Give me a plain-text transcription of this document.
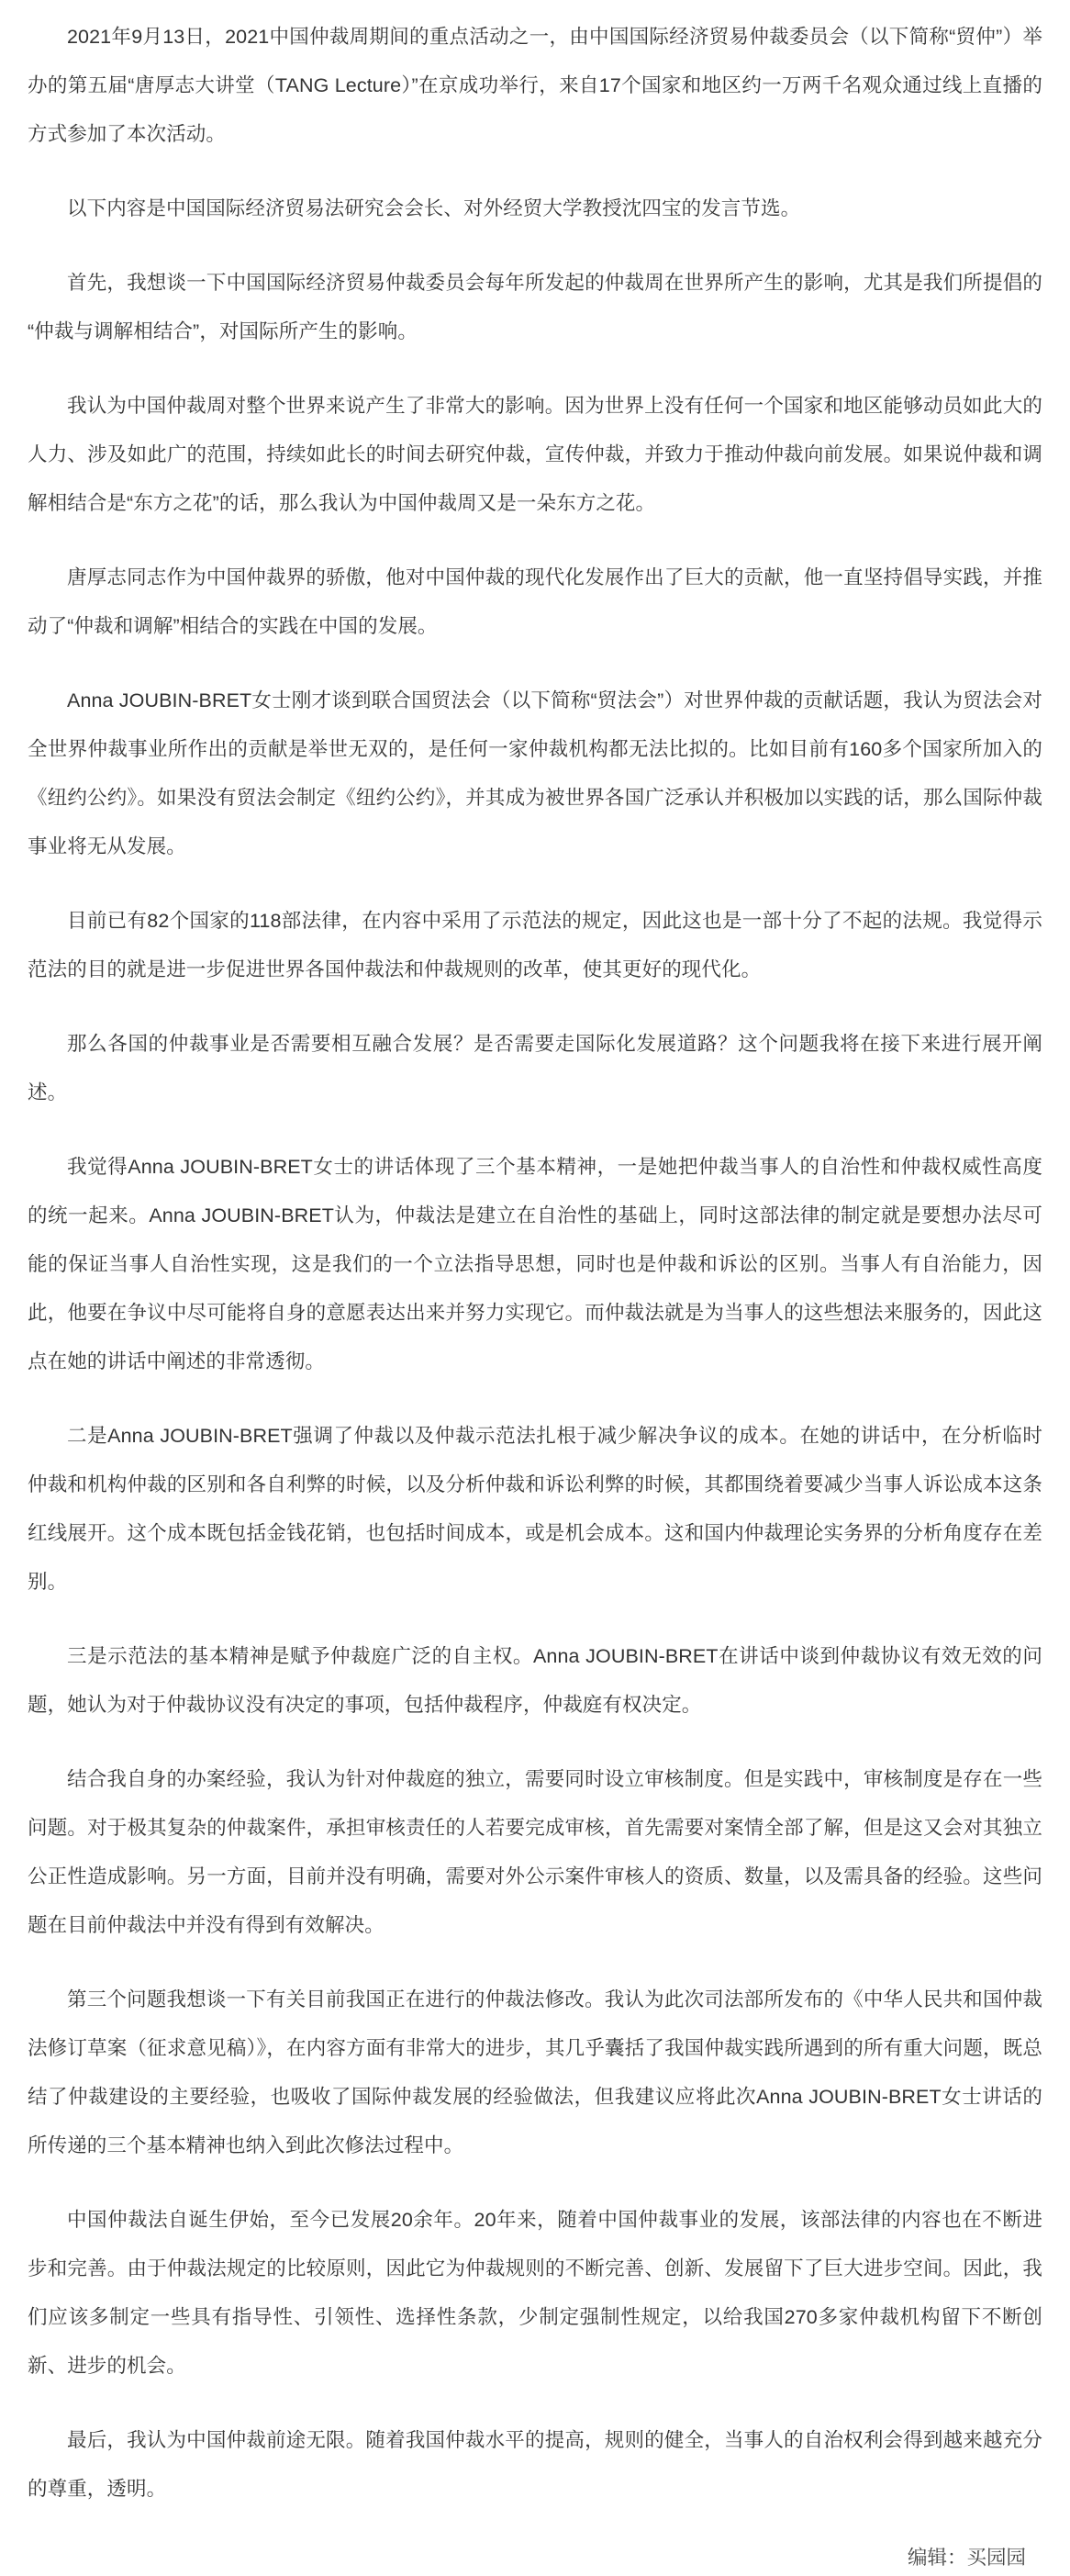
2021年9月13日，2021中国仲裁周期间的重点活动之一，由中国国际经济贸易仲裁委员会（以下简称“贸仲”）举办的第五届“唐厚志大讲堂（TANG Lecture）”在京成功举行，来自17个国家和地区约一万两千名观众通过线上直播的方式参加了本次活动。

以下内容是中国国际经济贸易法研究会会长、对外经贸大学教授沈四宝的发言节选。

首先，我想谈一下中国国际经济贸易仲裁委员会每年所发起的仲裁周在世界所产生的影响，尤其是我们所提倡的“仲裁与调解相结合”，对国际所产生的影响。

我认为中国仲裁周对整个世界来说产生了非常大的影响。因为世界上没有任何一个国家和地区能够动员如此大的人力、涉及如此广的范围，持续如此长的时间去研究仲裁，宣传仲裁，并致力于推动仲裁向前发展。如果说仲裁和调解相结合是“东方之花”的话，那么我认为中国仲裁周又是一朵东方之花。

唐厚志同志作为中国仲裁界的骄傲，他对中国仲裁的现代化发展作出了巨大的贡献，他一直坚持倡导实践，并推动了“仲裁和调解”相结合的实践在中国的发展。

Anna JOUBIN-BRET女士刚才谈到联合国贸法会（以下简称“贸法会”）对世界仲裁的贡献话题，我认为贸法会对全世界仲裁事业所作出的贡献是举世无双的，是任何一家仲裁机构都无法比拟的。比如目前有160多个国家所加入的《纽约公约》。如果没有贸法会制定《纽约公约》，并其成为被世界各国广泛承认并积极加以实践的话，那么国际仲裁事业将无从发展。

目前已有82个国家的118部法律，在内容中采用了示范法的规定，因此这也是一部十分了不起的法规。我觉得示范法的目的就是进一步促进世界各国仲裁法和仲裁规则的改革，使其更好的现代化。

那么各国的仲裁事业是否需要相互融合发展？是否需要走国际化发展道路？这个问题我将在接下来进行展开阐述。

我觉得Anna JOUBIN-BRET女士的讲话体现了三个基本精神，一是她把仲裁当事人的自治性和仲裁权威性高度的统一起来。Anna JOUBIN-BRET认为，仲裁法是建立在自治性的基础上，同时这部法律的制定就是要想办法尽可能的保证当事人自治性实现，这是我们的一个立法指导思想，同时也是仲裁和诉讼的区别。当事人有自治能力，因此，他要在争议中尽可能将自身的意愿表达出来并努力实现它。而仲裁法就是为当事人的这些想法来服务的，因此这点在她的讲话中阐述的非常透彻。

二是Anna JOUBIN-BRET强调了仲裁以及仲裁示范法扎根于减少解决争议的成本。在她的讲话中，在分析临时仲裁和机构仲裁的区别和各自利弊的时候，以及分析仲裁和诉讼利弊的时候，其都围绕着要减少当事人诉讼成本这条红线展开。这个成本既包括金钱花销，也包括时间成本，或是机会成本。这和国内仲裁理论实务界的分析角度存在差别。

三是示范法的基本精神是赋予仲裁庭广泛的自主权。Anna JOUBIN-BRET在讲话中谈到仲裁协议有效无效的问题，她认为对于仲裁协议没有决定的事项，包括仲裁程序，仲裁庭有权决定。

结合我自身的办案经验，我认为针对仲裁庭的独立，需要同时设立审核制度。但是实践中，审核制度是存在一些问题。对于极其复杂的仲裁案件，承担审核责任的人若要完成审核，首先需要对案情全部了解，但是这又会对其独立公正性造成影响。另一方面，目前并没有明确，需要对外公示案件审核人的资质、数量，以及需具备的经验。这些问题在目前仲裁法中并没有得到有效解决。

第三个问题我想谈一下有关目前我国正在进行的仲裁法修改。我认为此次司法部所发布的《中华人民共和国仲裁法修订草案（征求意见稿）》，在内容方面有非常大的进步，其几乎囊括了我国仲裁实践所遇到的所有重大问题，既总结了仲裁建设的主要经验，也吸收了国际仲裁发展的经验做法，但我建议应将此次Anna JOUBIN-BRET女士讲话的所传递的三个基本精神也纳入到此次修法过程中。

中国仲裁法自诞生伊始，至今已发展20余年。20年来，随着中国仲裁事业的发展，该部法律的内容也在不断进步和完善。由于仲裁法规定的比较原则，因此它为仲裁规则的不断完善、创新、发展留下了巨大进步空间。因此，我们应该多制定一些具有指导性、引领性、选择性条款，少制定强制性规定，以给我国270多家仲裁机构留下不断创新、进步的机会。

最后，我认为中国仲裁前途无限。随着我国仲裁水平的提高，规则的健全，当事人的自治权利会得到越来越充分的尊重，透明。

编辑：买园园
